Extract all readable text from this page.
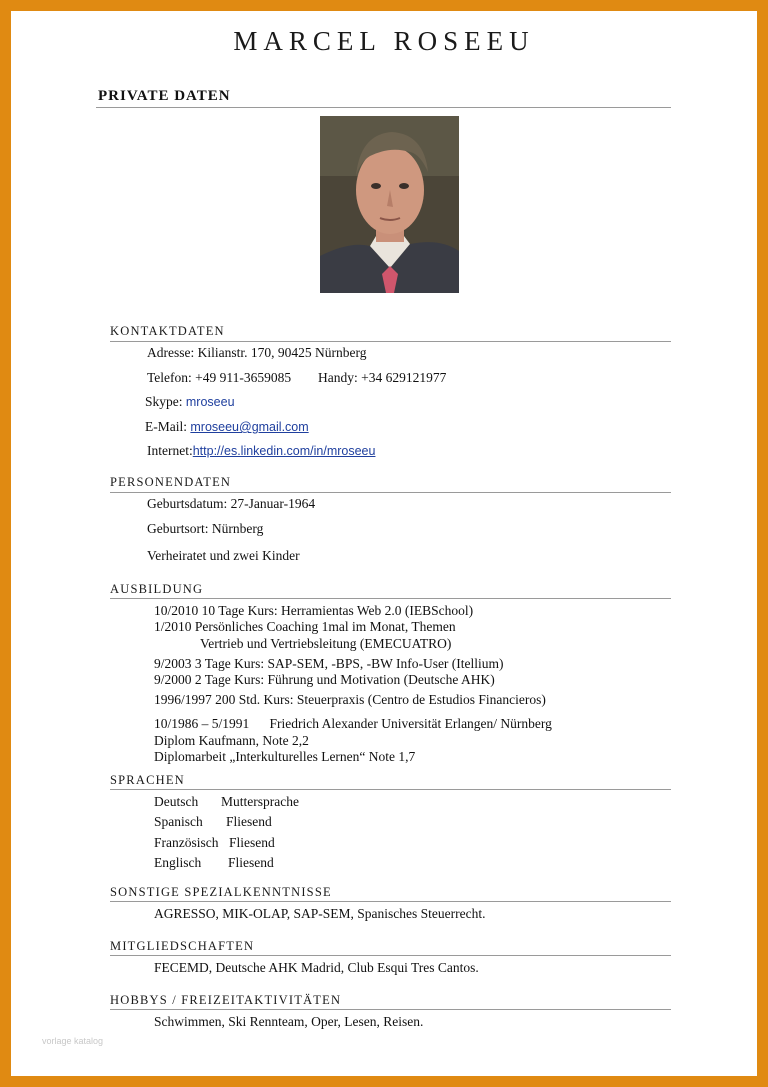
MARCEL ROSEEU
PRIVATE DATEN
KONTAKTDATEN
Adresse: Kilianstr. 170, 90425 Nürnberg
Telefon: +49 911-3659085 Handy: +34 629121977
Skype: mroseeu
E-Mail: mroseeu@gmail.com
Internet:http://es.linkedin.com/in/mroseeu
PERSONENDATEN
Geburtsdatum: 27-Januar-1964
Geburtsort: Nürnberg
Verheiratet und zwei Kinder
AUSBILDUNG
10/2010 10 Tage Kurs: Herramientas Web 2.0 (IEBSchool)
1/2010 Persönliches Coaching 1mal im Monat, Themen
Vertrieb und Vertriebsleitung (EMECUATRO)
9/2003 3 Tage Kurs: SAP-SEM, -BPS, -BW Info-User (Itellium)
9/2000 2 Tage Kurs: Führung und Motivation (Deutsche AHK)
1996/1997 200 Std. Kurs: Steuerpraxis (Centro de Estudios Financieros)
10/1986 – 5/1991      Friedrich Alexander Universität Erlangen/ Nürnberg
Diplom Kaufmann, Note 2,2
Diplomarbeit „Interkulturelles Lernen“ Note 1,7
SPRACHEN
Deutsch Muttersprache
Spanisch Fliesend
Französisch Fliesend
Englisch Fliesend
SONSTIGE SPEZIALKENNTNISSE
AGRESSO, MIK-OLAP, SAP-SEM, Spanisches Steuerrecht.
MITGLIEDSCHAFTEN
FECEMD, Deutsche AHK Madrid, Club Esqui Tres Cantos.
HOBBYS / FREIZEITAKTIVITÄTEN
Schwimmen, Ski Rennteam, Oper, Lesen, Reisen.
vorlage katalog
